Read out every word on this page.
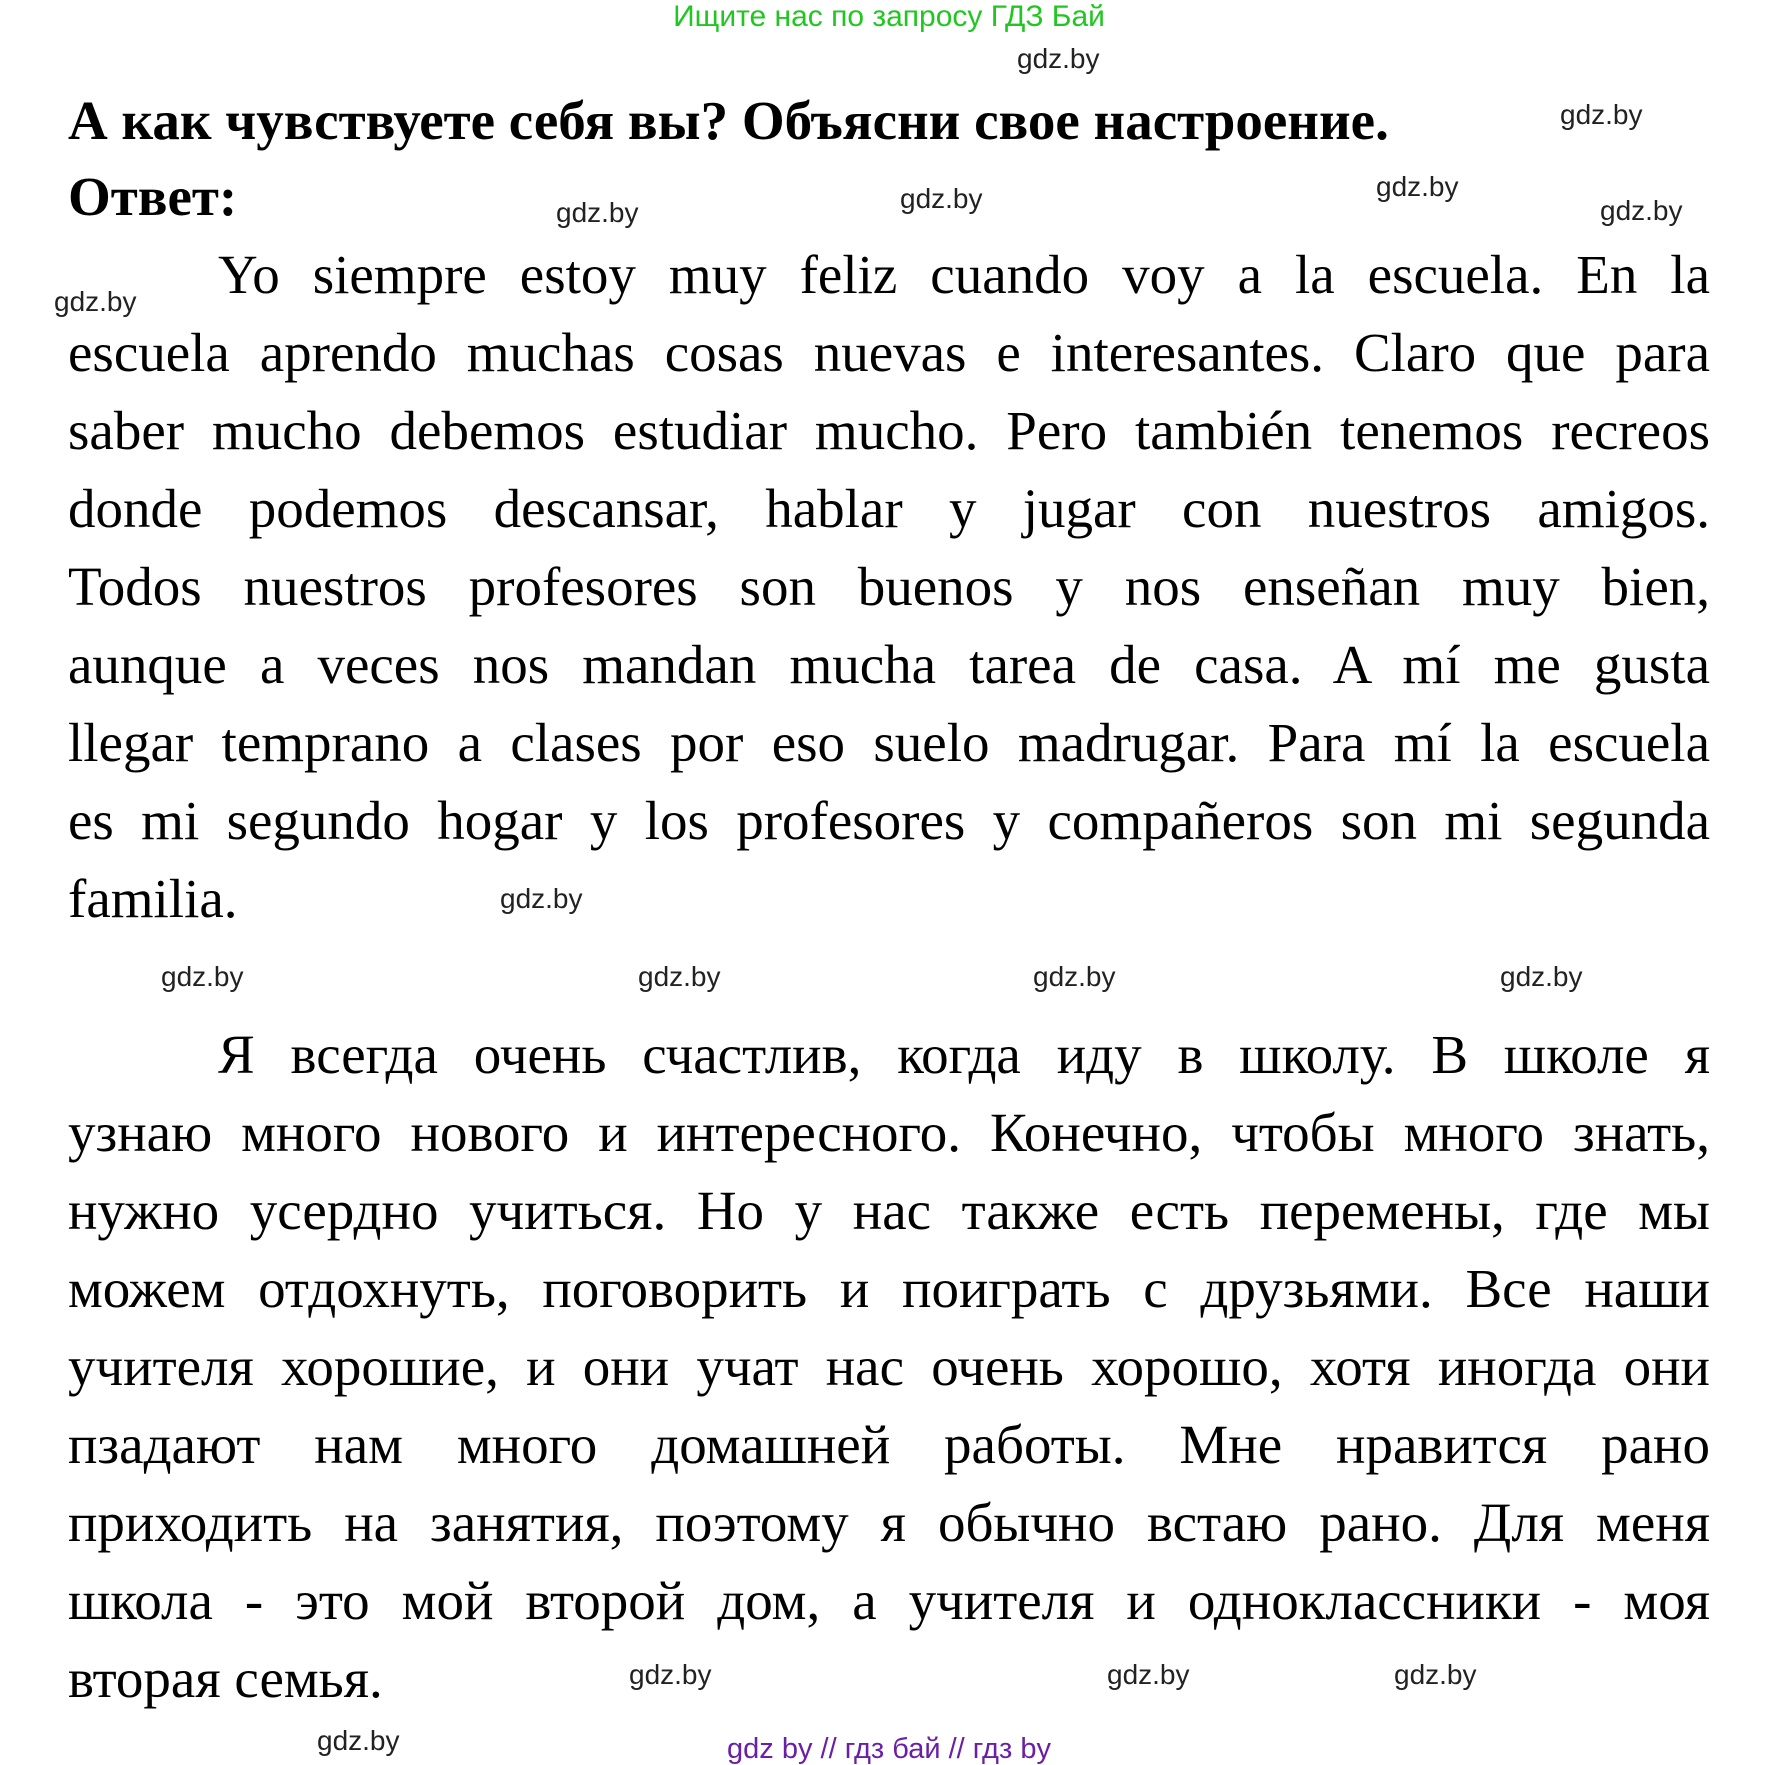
Ищите нас по запросу ГДЗ Бай
А как чувствуете себя вы? Объясни свое настроение.
Ответ:
Yo siempre estoy muy feliz cuando voy a la escuela. En la
escuela aprendo muchas cosas nuevas e interesantes. Claro que para
saber mucho debemos estudiar mucho. Pero también tenemos recreos
donde podemos descansar, hablar y jugar con nuestros amigos.
Todos nuestros profesores son buenos y nos enseñan muy bien,
aunque a veces nos mandan mucha tarea de casa. A mí me gusta
llegar temprano a clases por eso suelo madrugar. Para mí la escuela
es mi segundo hogar y los profesores y compañeros son mi segunda
familia.
Я всегда очень счастлив, когда иду в школу. В школе я
узнаю много нового и интересного. Конечно, чтобы много знать,
нужно усердно учиться. Но у нас также есть перемены, где мы
можем отдохнуть, поговорить и поиграть с друзьями. Все наши
учителя хорошие, и они учат нас очень хорошо, хотя иногда они
пзадают нам много домашней работы. Мне нравится рано
приходить на занятия, поэтому я обычно встаю рано. Для меня
школа - это мой второй дом, а учителя и одноклассники - моя
вторая семья.
gdz.by
gdz.by
gdz.by
gdz.by	gdz.by	gdz.by
gdz.by
gdz.by
gdz.by	gdz.by	gdz.by	gdz.by
gdz.by	gdz.by	gdz.by
gdz.by	gdz by // гдз бай // гдз by
